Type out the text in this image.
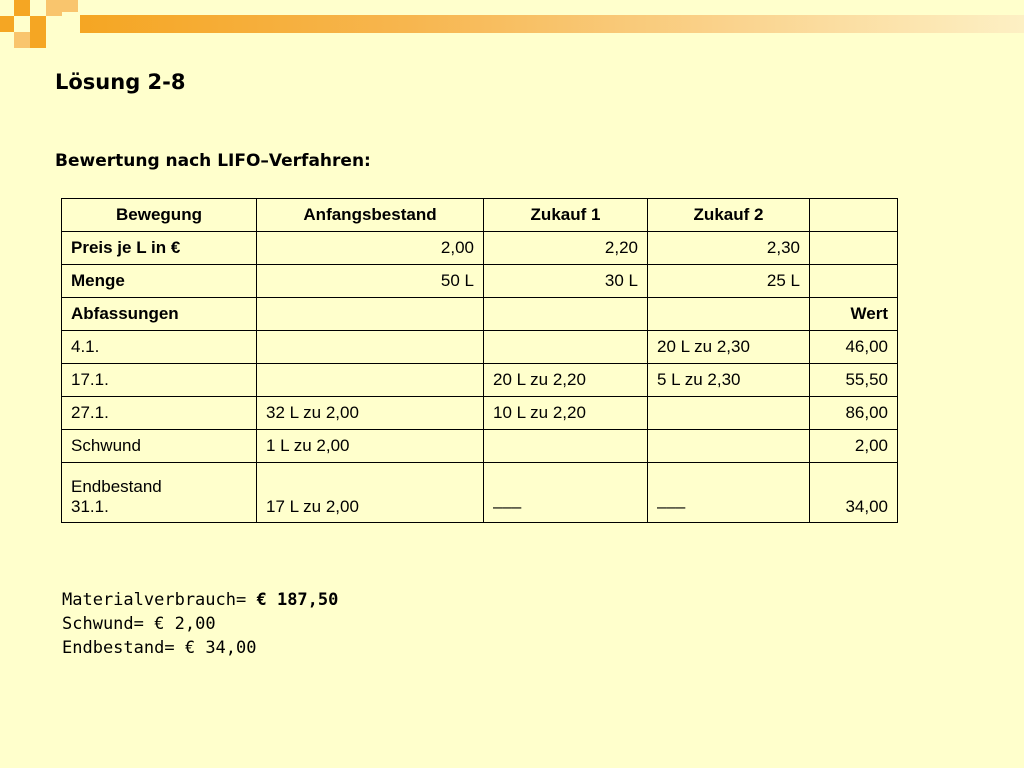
Lösung 2-8
Bewertung nach LIFO–Verfahren:
Bewegung	Anfangsbestand	Zukauf 1	Zukauf 2	
Preis je L in €	2,00	2,20	2,30	
Menge	50 L	30 L	25 L	
Abfassungen				Wert
4.1.			20 L zu 2,30	46,00
17.1.		20 L zu 2,20	5 L zu 2,30	55,50
27.1.	32 L zu 2,00	10 L zu 2,20		86,00
Schwund	1 L zu 2,00			2,00

Endbestand
31.1.	17 L zu 2,00	–––	–––	34,00
Materialverbrauch= € 187,50
Schwund= € 2,00
Endbestand= € 34,00
